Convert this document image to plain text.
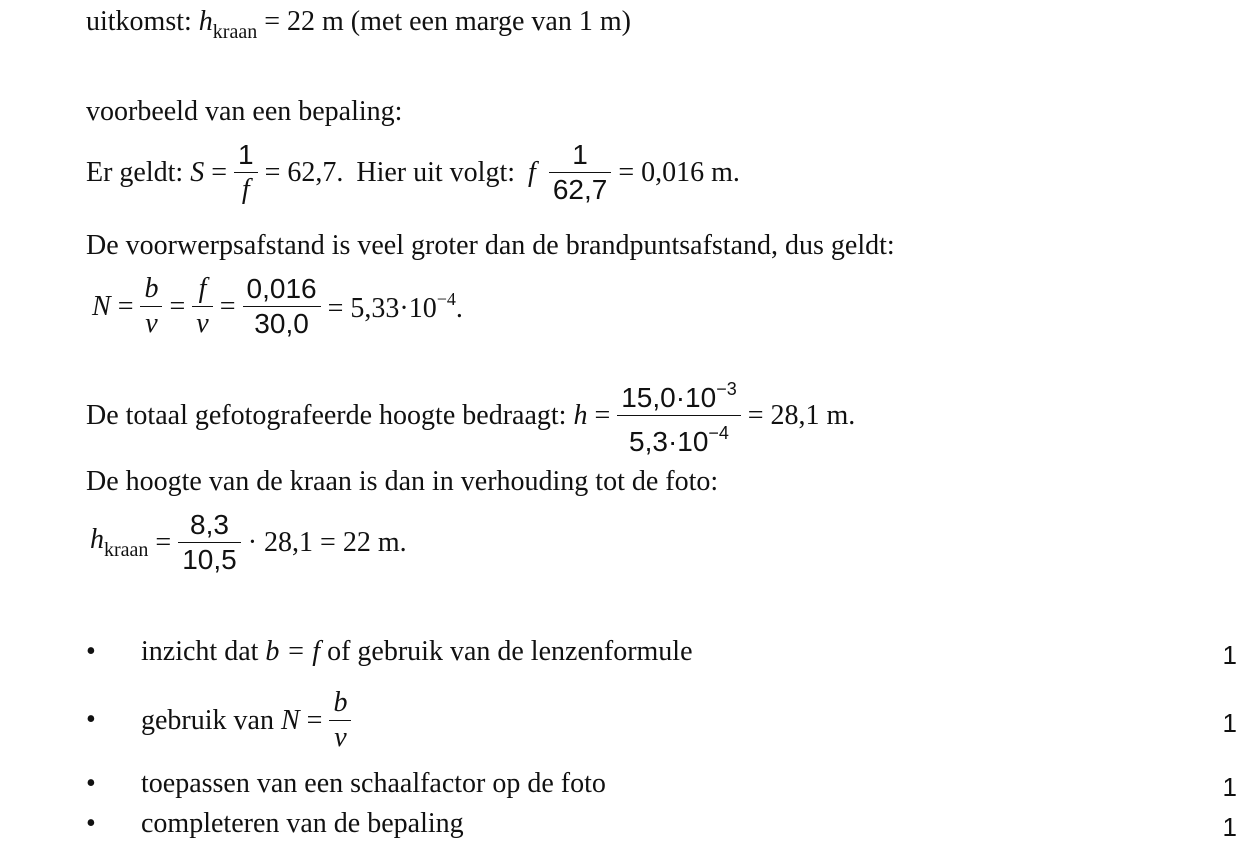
uitkomst: $h_{kraan} = 22$ m (met een marge van 1 m)
voorbeeld van een bepaling:
Er geldt: $S = \frac{1}{f} = 62,7$. Hier uit volgt: f $\frac{1}{62,7} = 0,016$ m.
De voorwerpsafstand is veel groter dan de brandpuntsafstand, dus geldt:
$N = \frac{b}{v} = \frac{f}{v} = \frac{0,016}{30,0} = 5,33\cdot 10^{-4}$.
De totaal gefotografeerde hoogte bedraagt: $h = \frac{15,0\cdot 10^{-3}}{5,3\cdot 10^{-4}} = 28,1$ m.
De hoogte van de kraan is dan in verhouding tot de foto:
$h_{kraan} = \frac{8,3}{10,5} \cdot 28,1 = 22$ m.
• inzicht dat b = f of gebruik van de lenzenformule	1
• gebruik van $N = \frac{b}{v}$	1
• toepassen van een schaalfactor op de foto	1
• completeren van de bepaling	1
